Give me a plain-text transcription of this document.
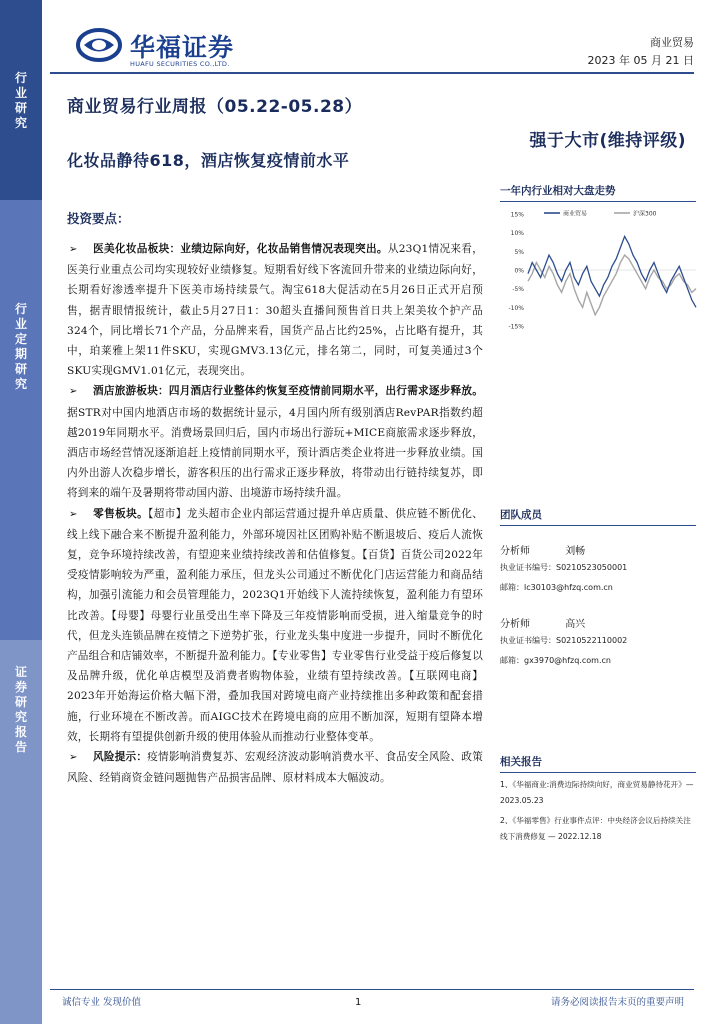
行
业
研
究
行
业
定
期
研
究
证
券
研
究
报
告
华福证券
HUAFU SECURITIES CO.,LTD.
商业贸易
2023 年 05 月 21 日
商业贸易行业周报（05.22-05.28）
化妆品静待618，酒店恢复疫情前水平
强于大市(维持评级)
投资要点：

➢ 医美化妆品板块：业绩边际向好，化妆品销售情况表现突出。从23Q1情况来看，医美行业重点公司均实现较好业绩修复。短期看好线下客流回升带来的业绩边际向好，长期看好渗透率提升下医美市场持续景气。淘宝618大促活动在5月26日正式开启预售，据青眼情报统计，截止5月27日1：30超头直播间预售首日共上架美妆个护产品324个，同比增长71个产品，分品牌来看，国货产品占比约25%，占比略有提升，其中，珀莱雅上架11件SKU，实现GMV3.13亿元，排名第二，同时，可复美通过3个SKU实现GMV1.01亿元，表现突出。

➢ 酒店旅游板块：四月酒店行业整体约恢复至疫情前同期水平，出行需求逐步释放。据STR对中国内地酒店市场的数据统计显示，4月国内所有级别酒店RevPAR指数约超越2019年同期水平。消费场景回归后，国内市场出行游玩+MICE商旅需求逐步释放，酒店市场经营情况逐渐追赶上疫情前同期水平，预计酒店类企业将进一步释放业绩。国内外出游人次稳步增长，游客积压的出行需求正逐步释放，将带动出行链持续复苏，即将到来的端午及暑期将带动国内游、出境游市场持续升温。

➢ 零售板块。【超市】龙头超市企业内部运营通过提升单店质量、供应链不断优化、线上线下融合来不断提升盈利能力，外部环境因社区团购补贴不断退坡后、疫后人流恢复，竞争环境持续改善，有望迎来业绩持续改善和估值修复。【百货】百货公司2022年受疫情影响较为严重，盈利能力承压，但龙头公司通过不断优化门店运营能力和商品结构，加强引流能力和会员管理能力，2023Q1开始线下人流持续恢复，盈利能力有望环比改善。【母婴】母婴行业虽受出生率下降及三年疫情影响而受损，进入缩量竞争的时代，但龙头连锁品牌在疫情之下逆势扩张，行业龙头集中度进一步提升，同时不断优化产品组合和店铺效率，不断提升盈利能力。【专业零售】专业零售行业受益于疫后修复以及品牌升级，优化单店模型及消费者购物体验，业绩有望持续改善。【互联网电商】2023年开始海运价格大幅下滑，叠加我国对跨境电商产业持续推出多种政策和配套措施，行业环境在不断改善。而AIGC技术在跨境电商的应用不断加深，短期有望降本增效，长期将有望提供创新升级的使用体验从而推动行业整体变革。

➢ 风险提示：疫情影响消费复苏、宏观经济波动影响消费水平、食品安全风险、政策风险、经销商资金链问题抛售产品损害品牌、原材料成本大幅波动。

一年内行业相对大盘走势
15%
10%
5%
0%
-5%
-10%
-15%
商业贸易	沪深300
团队成员
分析师	刘畅
执业证书编号：S0210523050001
邮箱：lc30103@hfzq.com.cn
分析师	高兴
执业证书编号：S0210522110002
邮箱：gx3970@hfzq.com.cn
相关报告
1、《华福商业:消费边际持续向好，商业贸易静待花开》— 2023.05.23
2、《华福零售》行业事件点评：中央经济会议后持续关注线下消费修复 — 2022.12.18
诚信专业 发现价值	1	请务必阅读报告末页的重要声明
